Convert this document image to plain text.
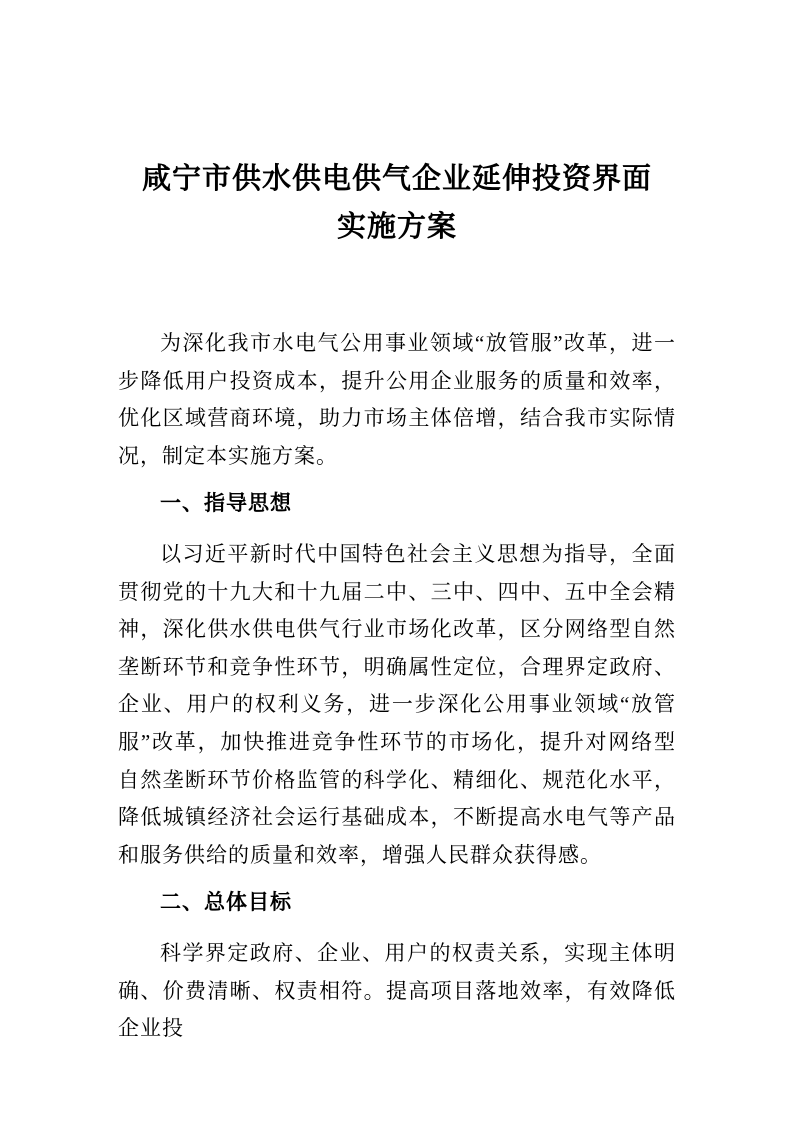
咸宁市供水供电供气企业延伸投资界面
实施方案

为深化我市水电气公用事业领域“放管服”改革，进一步降低用户投资成本，提升公用企业服务的质量和效率，优化区域营商环境，助力市场主体倍增，结合我市实际情况，制定本实施方案。

一、指导思想

以习近平新时代中国特色社会主义思想为指导，全面贯彻党的十九大和十九届二中、三中、四中、五中全会精神，深化供水供电供气行业市场化改革，区分网络型自然垄断环节和竞争性环节，明确属性定位，合理界定政府、企业、用户的权利义务，进一步深化公用事业领域“放管服”改革，加快推进竞争性环节的市场化，提升对网络型自然垄断环节价格监管的科学化、精细化、规范化水平，降低城镇经济社会运行基础成本，不断提高水电气等产品和服务供给的质量和效率，增强人民群众获得感。

二、总体目标

科学界定政府、企业、用户的权责关系，实现主体明确、价费清晰、权责相符。提高项目落地效率，有效降低企业投
